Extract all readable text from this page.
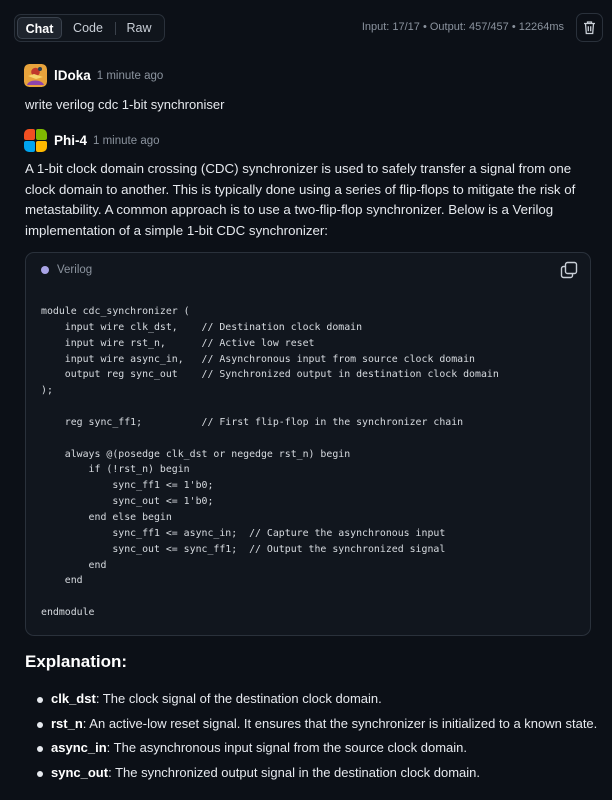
Chat	Code	Raw	Input: 17/17 • Output: 457/457 • 12264ms
lDoka 1 minute ago
write verilog cdc 1-bit synchroniser
Phi-4 1 minute ago
A 1-bit clock domain crossing (CDC) synchronizer is used to safely transfer a signal from one clock domain to another. This is typically done using a series of flip-flops to mitigate the risk of metastability. A common approach is to use a two-flip-flop synchronizer. Below is a Verilog implementation of a simple 1-bit CDC synchronizer:
Verilog
module cdc_synchronizer (
input wire clk_dst,    // Destination clock domain
input wire rst_n,      // Active low reset
input wire async_in,   // Asynchronous input from source clock domain
output reg sync_out    // Synchronized output in destination clock domain
);

reg sync_ff1;          // First flip-flop in the synchronizer chain

always @(posedge clk_dst or negedge rst_n) begin
if (!rst_n) begin
sync_ff1 <= 1'b0;
sync_out <= 1'b0;
end else begin
sync_ff1 <= async_in;  // Capture the asynchronous input
sync_out <= sync_ff1;  // Output the synchronized signal
end
end

endmodule
Explanation:
clk_dst: The clock signal of the destination clock domain.
rst_n: An active-low reset signal. It ensures that the synchronizer is initialized to a known state.
async_in: The asynchronous input signal from the source clock domain.
sync_out: The synchronized output signal in the destination clock domain.
